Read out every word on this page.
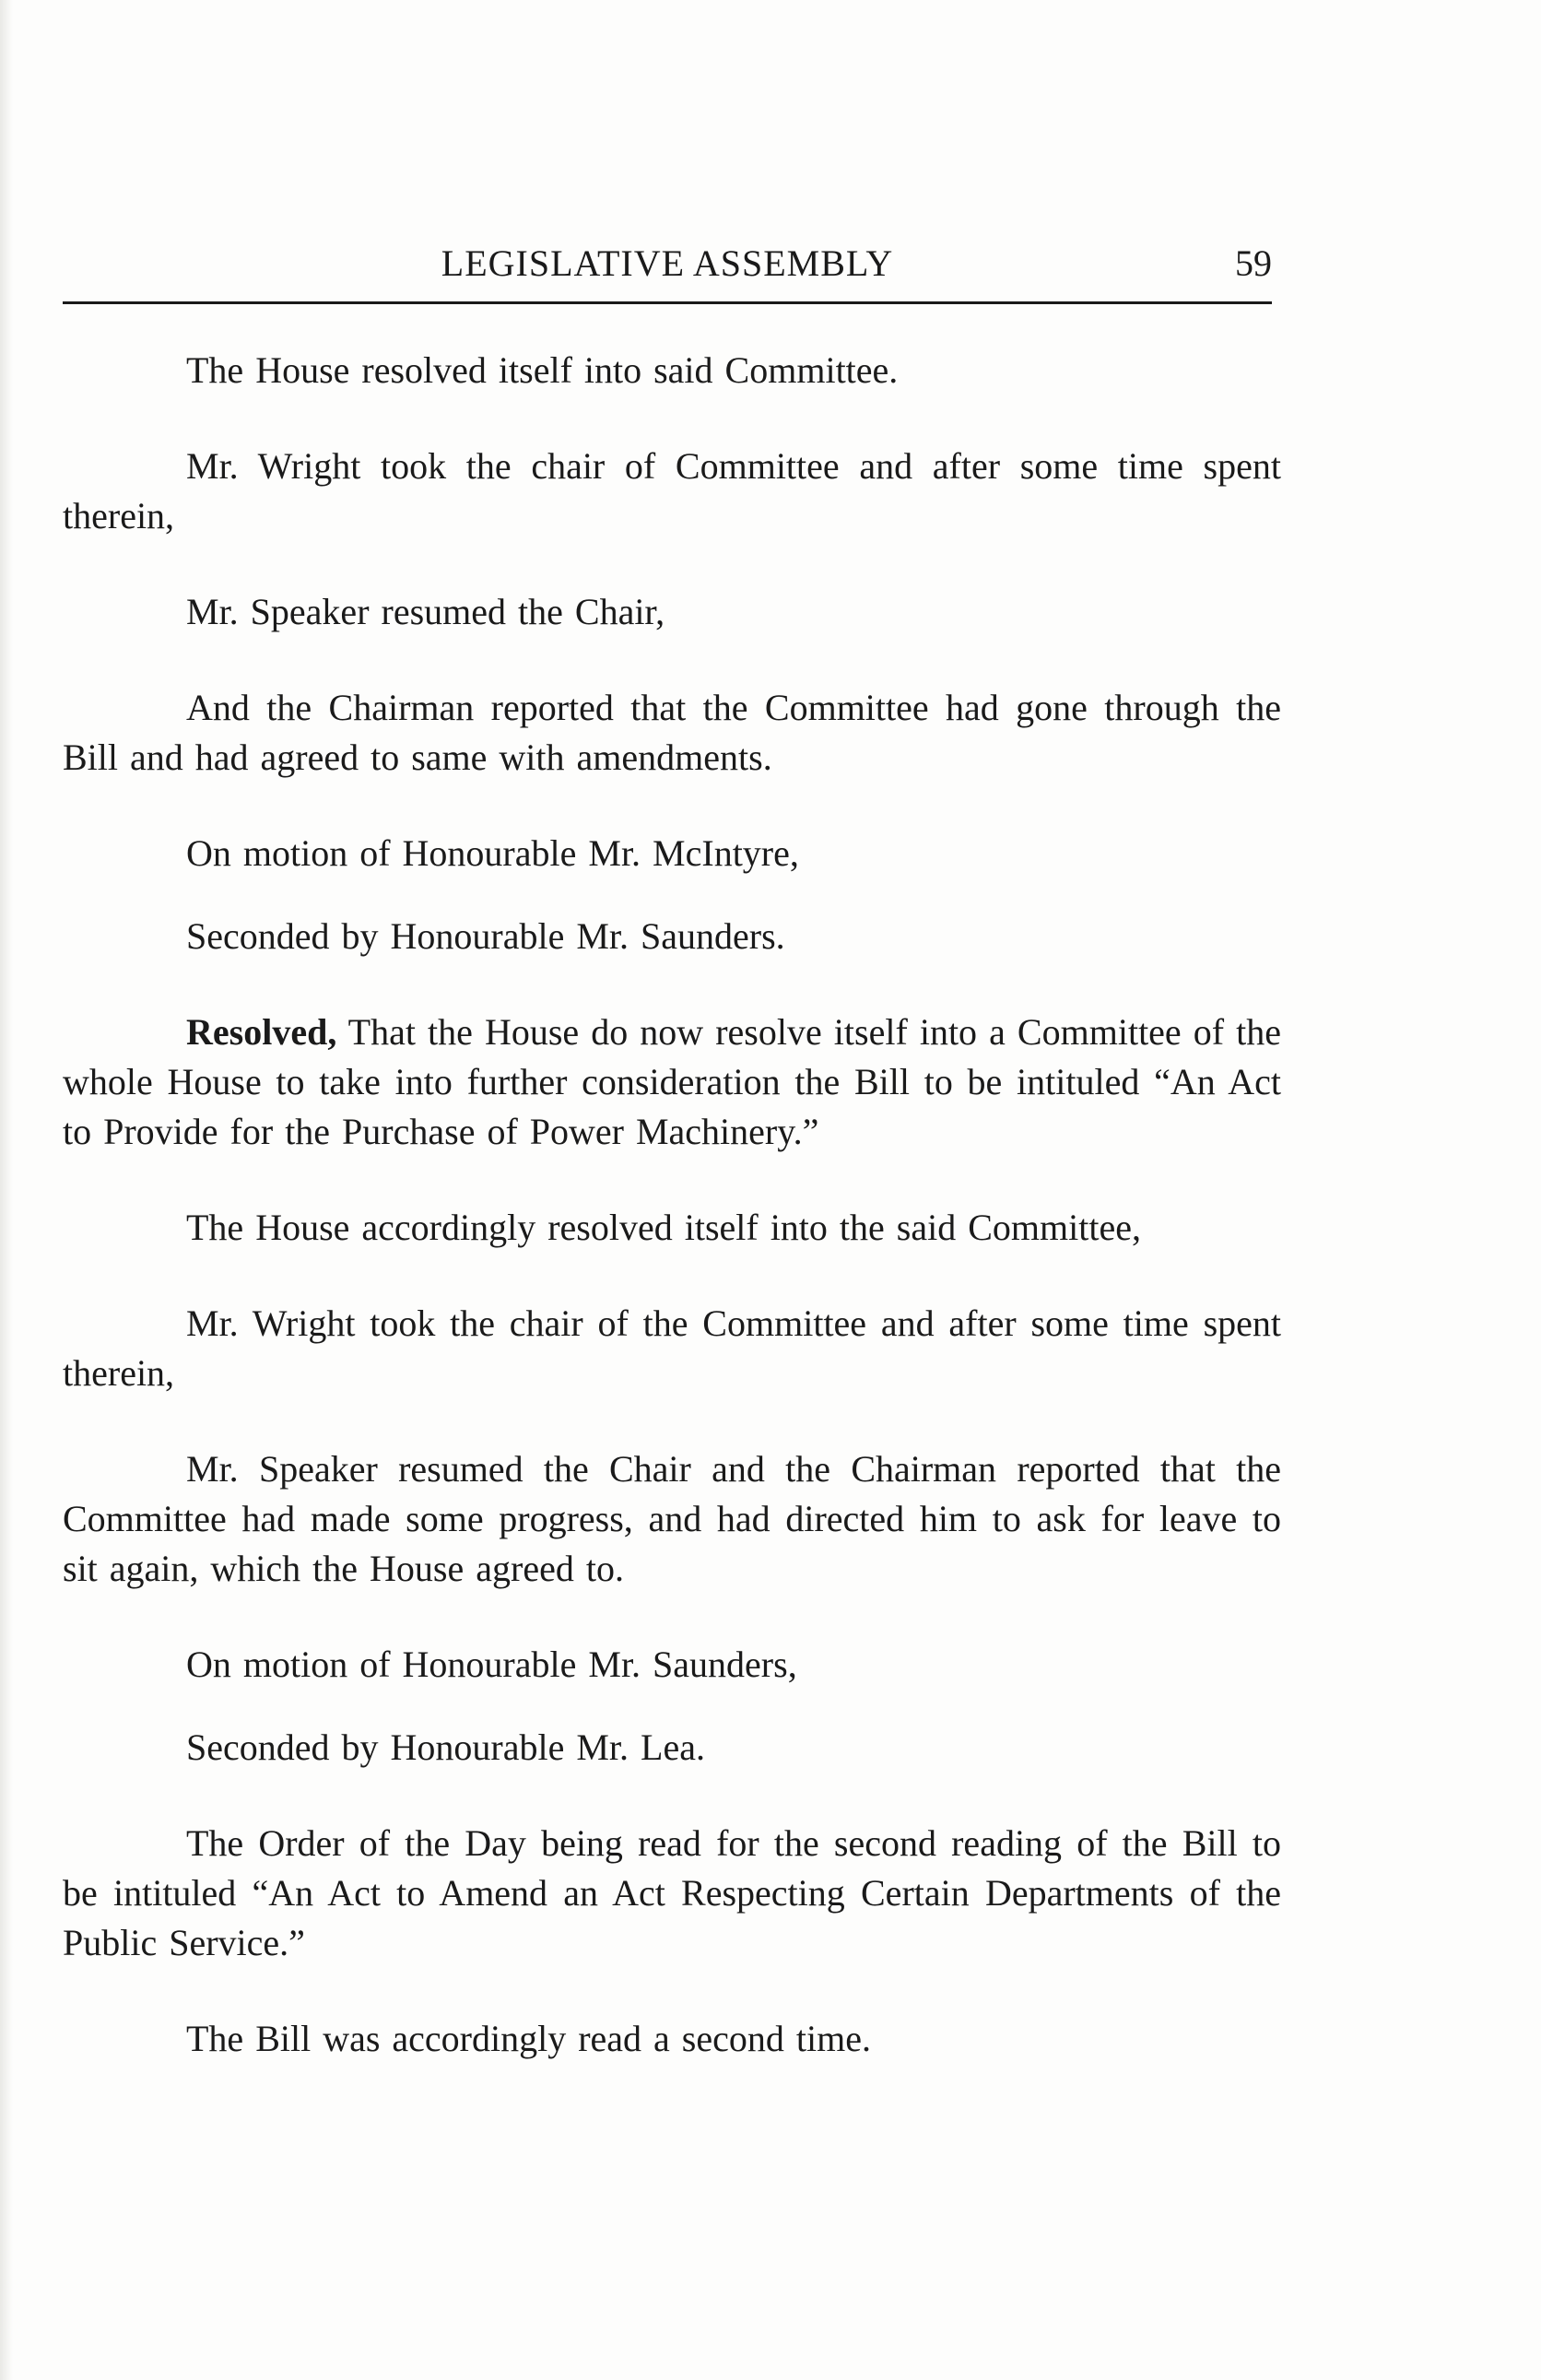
LEGISLATIVE ASSEMBLY	59

The House resolved itself into said Committee.

Mr. Wright took the chair of Committee and after some time spent therein,

Mr. Speaker resumed the Chair,

And the Chairman reported that the Committee had gone through the Bill and had agreed to same with amendments.

On motion of Honourable Mr. McIntyre,

Seconded by Honourable Mr. Saunders.

Resolved, That the House do now resolve itself into a Committee of the whole House to take into further consideration the Bill to be intituled “An Act to Provide for the Purchase of Power Machinery.”

The House accordingly resolved itself into the said Committee,

Mr. Wright took the chair of the Committee and after some time spent therein,

Mr. Speaker resumed the Chair and the Chairman reported that the Committee had made some progress, and had directed him to ask for leave to sit again, which the House agreed to.

On motion of Honourable Mr. Saunders,

Seconded by Honourable Mr. Lea.

The Order of the Day being read for the second reading of the Bill to be intituled “An Act to Amend an Act Respecting Certain Departments of the Public Service.”

The Bill was accordingly read a second time.
